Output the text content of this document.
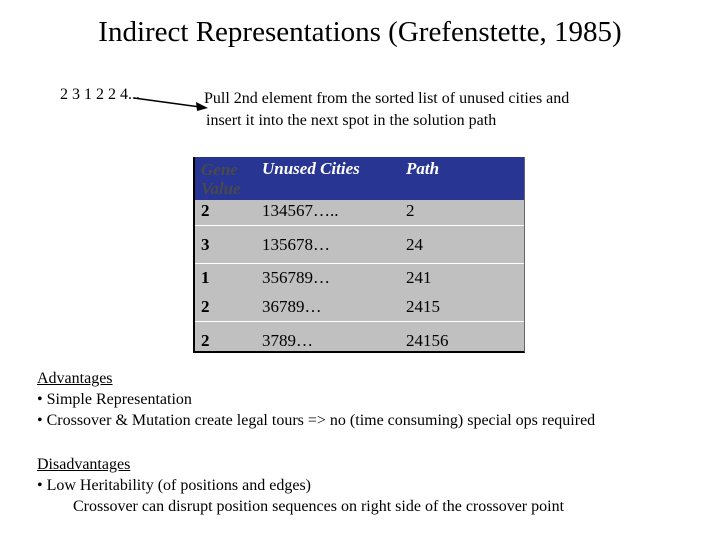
Indirect Representations (Grefenstette, 1985)
2 3 1 2 2 4...	Pull 2nd element from the sorted list of unused cities and
insert it into the next spot in the solution path
Gene
Value
Unused Cities	Path
2	134567…..	2
3	135678…	24
1	356789…	241
2	36789…	2415
2	3789…	24156
Advantages
• Simple Representation
• Crossover & Mutation create legal tours => no (time consuming) special ops required
Disadvantages
• Low Heritability (of positions and edges)
Crossover can disrupt position sequences on right side of the crossover point
